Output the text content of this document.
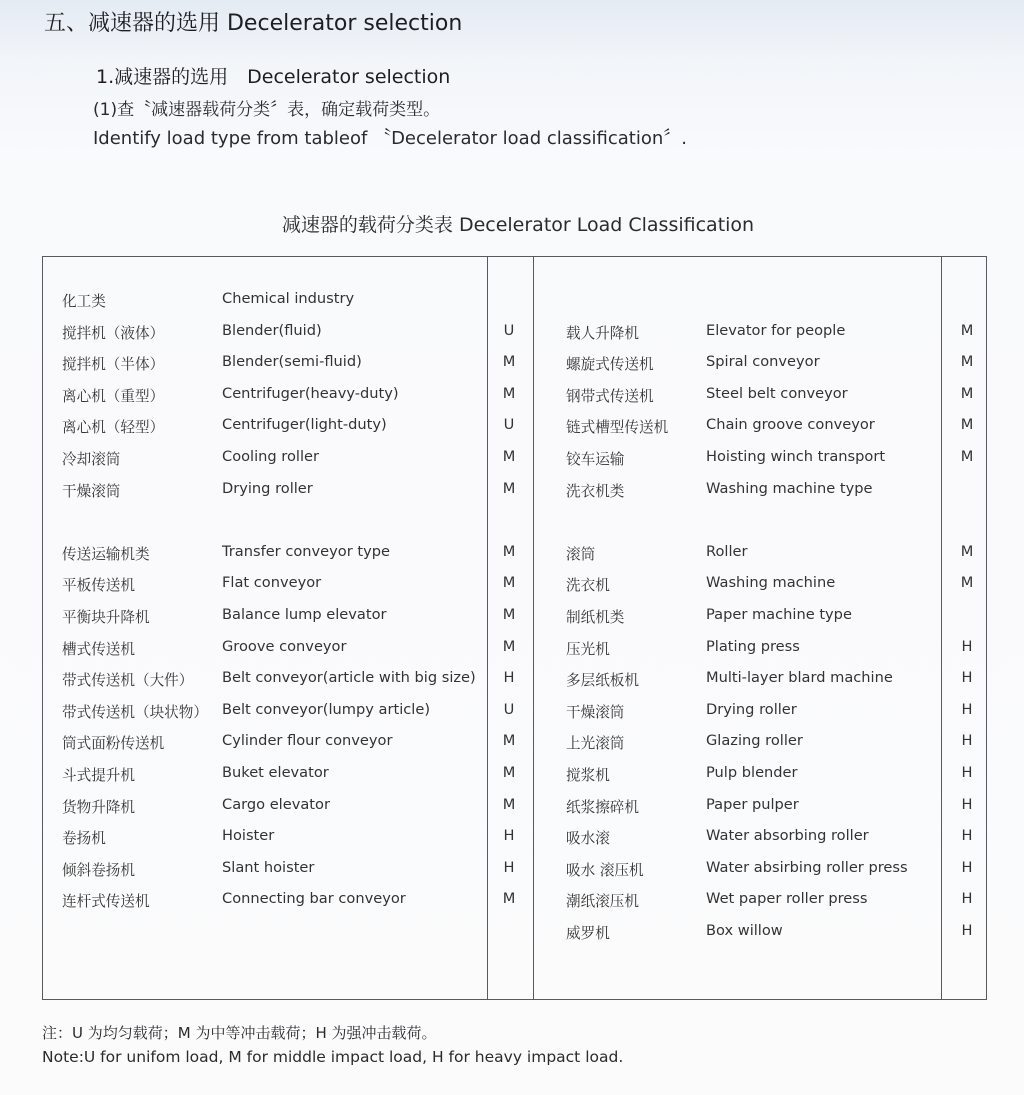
五、减速器的选用 Decelerator selection
1.减速器的选用　Decelerator selection
(1)查〝减速器载荷分类〞表，确定载荷类型。
Identify load type from tableof 〝Decelerator load classification〞.
减速器的载荷分类表 Decelerator Load Classification
化工类	Chemical industry
搅拌机（液体）	Blender(fluid)	U
搅拌机（半体）	Blender(semi-fluid)	M
离心机（重型）	Centrifuger(heavy-duty)	M
离心机（轻型）	Centrifuger(light-duty)	U
冷却滚筒	Cooling roller	M
干燥滚筒	Drying roller	M
传送运输机类	Transfer conveyor type	M
平板传送机	Flat conveyor	M
平衡块升降机	Balance lump elevator	M
槽式传送机	Groove conveyor	M
带式传送机（大件） Belt conveyor(article with big size)	H
带式传送机（块状物） Belt conveyor(lumpy article)	U
筒式面粉传送机	Cylinder flour conveyor	M
斗式提升机	Buket elevator	M
货物升降机	Cargo elevator	M
卷扬机	Hoister	H
倾斜卷扬机	Slant hoister	H
连杆式传送机	Connecting bar conveyor	M
载人升降机	Elevator for people	M
螺旋式传送机	Spiral conveyor	M
钢带式传送机	Steel belt conveyor	M
链式槽型传送机	Chain groove conveyor	M
铰车运输	Hoisting winch transport	M
洗衣机类	Washing machine type
滚筒	Roller	M
洗衣机	Washing machine	M
制纸机类	Paper machine type
压光机	Plating press	H
多层纸板机	Multi-layer blard machine	H
干燥滚筒	Drying roller	H
上光滚筒	Glazing roller	H
搅浆机	Pulp blender	H
纸浆擦碎机	Paper pulper	H
吸水滚	Water absorbing roller	H
吸水 滚压机	Water absirbing roller press	H
潮纸滚压机	Wet paper roller press	H
威罗机	Box willow	H
注：U 为均匀载荷；M 为中等冲击载荷；H 为强冲击载荷。
Note:U for unifom load, M for middle impact load, H for heavy impact load.
